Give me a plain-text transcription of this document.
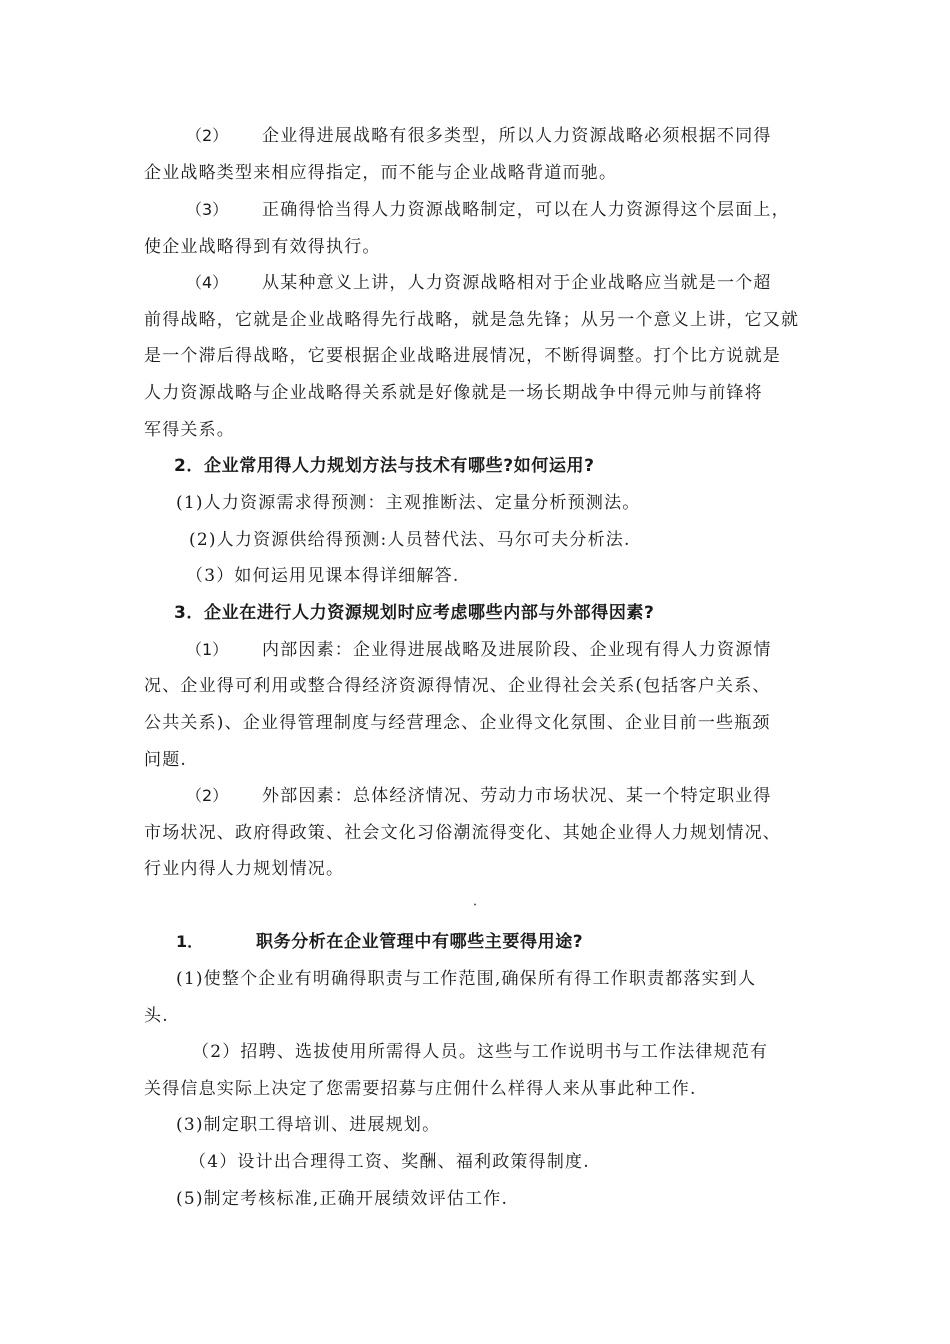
（2） 企业得进展战略有很多类型，所以人力资源战略必须根据不同得
企业战略类型来相应得指定，而不能与企业战略背道而驰。
（3） 正确得恰当得人力资源战略制定，可以在人力资源得这个层面上，
使企业战略得到有效得执行。
（4） 从某种意义上讲，人力资源战略相对于企业战略应当就是一个超
前得战略，它就是企业战略得先行战略，就是急先锋；从另一个意义上讲，它又就
是一个滞后得战略，它要根据企业战略进展情况，不断得调整。打个比方说就是
人力资源战略与企业战略得关系就是好像就是一场长期战争中得元帅与前锋将
军得关系。
2．企业常用得人力规划方法与技术有哪些?如何运用?
(1)人力资源需求得预测：主观推断法、定量分析预测法。
(2)人力资源供给得预测:人员替代法、马尔可夫分析法.
（3）如何运用见课本得详细解答.
3．企业在进行人力资源规划时应考虑哪些内部与外部得因素?
（1） 内部因素：企业得进展战略及进展阶段、企业现有得人力资源情
况、企业得可利用或整合得经济资源得情况、企业得社会关系(包括客户关系、
公共关系)、企业得管理制度与经营理念、企业得文化氛围、企业目前一些瓶颈
问题.
（2） 外部因素：总体经济情况、劳动力市场状况、某一个特定职业得
市场状况、政府得政策、社会文化习俗潮流得变化、其她企业得人力规划情况、
行业内得人力规划情况。
1．	职务分析在企业管理中有哪些主要得用途?
(1)使整个企业有明确得职责与工作范围,确保所有得工作职责都落实到人
头.
（2）招聘、选拔使用所需得人员。这些与工作说明书与工作法律规范有
关得信息实际上决定了您需要招募与庄佣什么样得人来从事此种工作.
(3)制定职工得培训、进展规划。
（4）设计出合理得工资、奖酬、福利政策得制度.
(5)制定考核标准,正确开展绩效评估工作.
